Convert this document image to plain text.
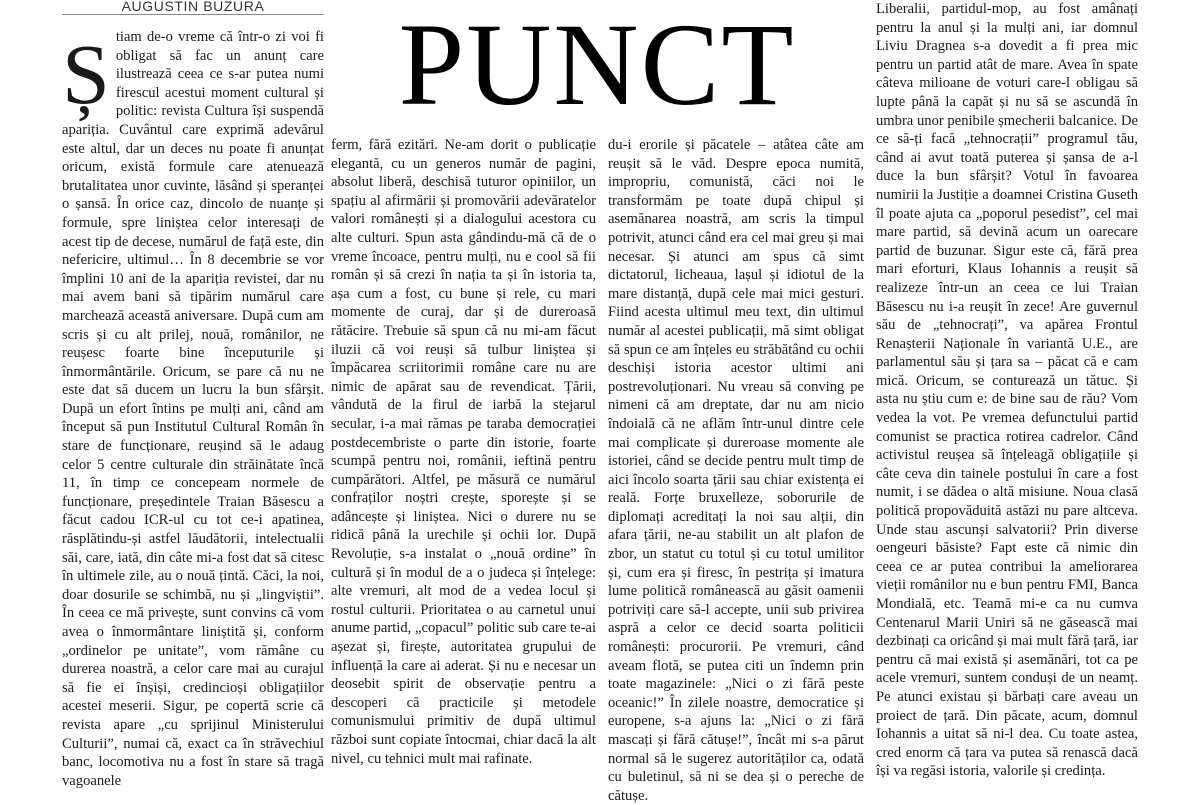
AUGUSTIN BUZURA
Ș tiam de-o vreme că într-o zi voi fi obligat să fac un anunț care ilustrează ceea ce s-ar putea numi firescul acestui moment cultural și politic: revista Cultura își suspendă apariția. Cuvântul care exprimă adevărul este altul, dar un deces nu poate fi anunțat oricum, există formule care atenuează brutalitatea unor cuvinte, lăsând și speranței o șansă. În orice caz, dincolo de nuanțe și formule, spre liniștea celor interesați de acest tip de decese, numărul de față este, din nefericire, ultimul… În 8 decembrie se vor împlini 10 ani de la apariția revistei, dar nu mai avem bani să tipărim numărul care marchează această aniversare. După cum am scris și cu alt prilej, nouă, românilor, ne reușesc foarte bine începuturile și înmormântările. Oricum, se pare că nu ne este dat să ducem un lucru la bun sfârșit. După un efort întins pe mulți ani, când am început să pun Institutul Cultural Român în stare de funcționare, reușind să le adaug celor 5 centre culturale din străinătate încă 11, în timp ce concepeam normele de funcționare, președintele Traian Băsescu a făcut cadou ICR-ul cu tot ce-i apatinea, răsplătindu-și astfel lăudătorii, intelectualii săi, care, iată, din câte mi-a fost dat să citesc în ultimele zile, au o nouă țintă. Căci, la noi, doar dosurile se schimbă, nu și „lingviștii”. În ceea ce mă privește, sunt convins că vom avea o înmormântare liniștită și, conform „ordinelor pe unitate”, vom rămâne cu durerea noastră, a celor care mai au curajul să fie ei înșiși, credincioși obligațiilor acestei meserii. Sigur, pe copertă scrie că revista apare „cu sprijinul Ministerului Culturii”, numai că, exact ca în străvechiul banc, locomotiva nu a fost în stare să tragă vagoanele

PUNCT

ferm, fără ezitări. Ne-am dorit o publicație elegantă, cu un generos număr de pagini, absolut liberă, deschisă tuturor opiniilor, un spațiu al afirmării și promovării adevăratelor valori românești și a dialogului acestora cu alte culturi. Spun asta gândindu-mă că de o vreme încoace, pentru mulți, nu e cool să fii român și să crezi în nația ta și în istoria ta, așa cum a fost, cu bune și rele, cu mari momente de curaj, dar și de dureroasă rătăcire. Trebuie să spun că nu mi-am făcut iluzii că voi reuși să tulbur liniștea și împăcarea scriitorimii române care nu are nimic de apărat sau de revendicat. Țării, vândută de la firul de iarbă la stejarul secular, i-a mai rămas pe taraba democrației postdecembriste o parte din istorie, foarte scumpă pentru noi, românii, ieftină pentru cumpărători. Altfel, pe măsură ce numărul confraților noștri crește, sporește și se adâncește și liniștea. Nici o durere nu se ridică până la urechile și ochii lor. După Revoluție, s-a instalat o „nouă ordine” în cultură și în modul de a o judeca și înțelege: alte vremuri, alt mod de a vedea locul și rostul culturii. Prioritatea o au carnetul unui anume partid, „copacul” politic sub care te-ai așezat și, firește, autoritatea grupului de influență la care ai aderat. Și nu e necesar un deosebit spirit de observație pentru a descoperi că practicile și metodele comunismului primitiv de după ultimul război sunt copiate întocmai, chiar dacă la alt nivel, cu tehnici mult mai rafinate.

du-i erorile și păcatele – atâtea câte am reușit să le văd. Despre epoca numită, impropriu, comunistă, căci noi le transformăm pe toate după chipul și asemănarea noastră, am scris la timpul potrivit, atunci când era cel mai greu și mai necesar. Și atunci am spus că simt dictatorul, licheaua, lașul și idiotul de la mare distanță, după cele mai mici gesturi. Fiind acesta ultimul meu text, din ultimul număr al acestei publicații, mă simt obligat să spun ce am înțeles eu străbătând cu ochii deschiși istoria acestor ultimi ani postrevoluționari. Nu vreau să conving pe nimeni că am dreptate, dar nu am nicio îndoială că ne aflăm într-unul dintre cele mai complicate și dureroase momente ale istoriei, când se decide pentru mult timp de aici încolo soarta țării sau chiar existența ei reală. Forțe bruxelleze, soborurile de diplomați acreditați la noi sau alții, din afara țării, ne-au stabilit un alt plafon de zbor, un statut cu totul și cu totul umilitor și, cum era și firesc, în pestrița și imatura lume politică românească au găsit oamenii potriviți care să-l accepte, unii sub privirea aspră a celor ce decid soarta politicii românești: procurorii. Pe vremuri, când aveam flotă, se putea citi un îndemn prin toate magazinele: „Nici o zi fără peste oceanic!” În zilele noastre, democratice și europene, s-a ajuns la: „Nici o zi fără mascați și fără cătușe!”, încât mi s-a părut normal să le sugerez autorităților ca, odată cu buletinul, să ni se dea și o pereche de cătușe.

Liberalii, partidul-mop, au fost amânați pentru la anul și la mulți ani, iar domnul Liviu Dragnea s-a dovedit a fi prea mic pentru un partid atât de mare. Avea în spate câteva milioane de voturi care-l obligau să lupte până la capăt și nu să se ascundă în umbra unor penibile șmecherii balcanice. De ce să-ți facă „tehnocrații” programul tău, când ai avut toată puterea și șansa de a-l duce la bun sfârșit? Votul în favoarea numirii la Justiție a doamnei Cristina Guseth îl poate ajuta ca „poporul pesedist”, cel mai mare partid, să devină acum un oarecare partid de buzunar. Sigur este că, fără prea mari eforturi, Klaus Iohannis a reușit să realizeze într-un an ceea ce lui Traian Băsescu nu i-a reușit în zece! Are guvernul său de „tehnocrați”, va apărea Frontul Renașterii Naționale în variantă U.E., are parlamentul său și țara sa – păcat că e cam mică. Oricum, se conturează un tătuc. Și asta nu știu cum e: de bine sau de rău? Vom vedea la vot. Pe vremea defunctului partid comunist se practica rotirea cadrelor. Când activistul reușea să înțeleagă obligațiile și câte ceva din tainele postului în care a fost numit, i se dădea o altă misiune. Noua clasă politică propovăduită astăzi nu pare altceva. Unde stau ascunși salvatorii? Prin diverse oengeuri băsiste? Fapt este că nimic din ceea ce ar putea contribui la ameliorarea vieții românilor nu e bun pentru FMI, Banca Mondială, etc. Teamă mi-e ca nu cumva Centenarul Marii Uniri să ne găsească mai dezbinați ca oricând și mai mult fără țară, iar pentru că mai există și asemănări, tot ca pe acele vremuri, suntem conduși de un neamț. Pe atunci existau și bărbați care aveau un proiect de țară. Din păcate, acum, domnul Iohannis a uitat să ni-l dea. Cu toate astea, cred enorm că țara va putea să renască dacă își va regăsi istoria, valorile și credința.
